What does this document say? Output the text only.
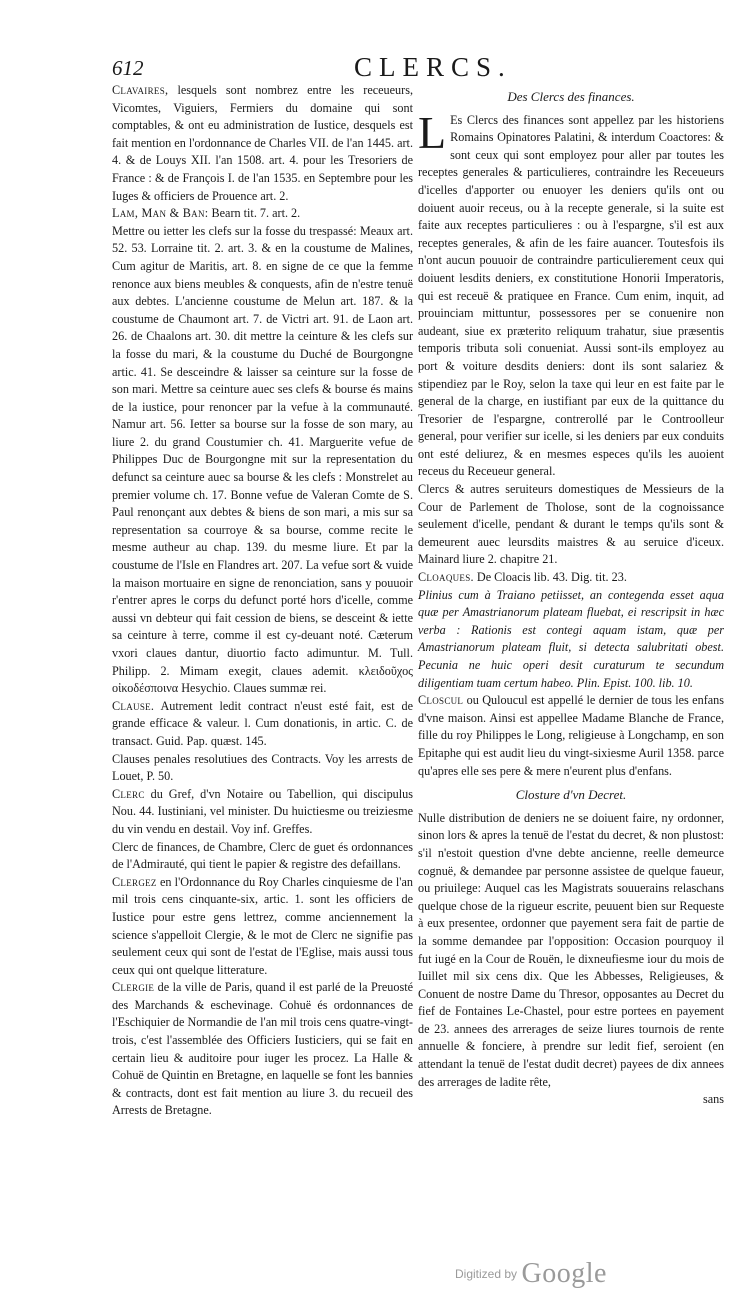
612	CLERCS.

Clavaires, lesquels sont nombrez entre les receueurs, Vicomtes, Viguiers, Fermiers du domaine qui sont comptables, & ont eu administration de Iustice, desquels est fait mention en l'ordonnance de Charles VII. de l'an 1445. art. 4. & de Louys XII. l'an 1508. art. 4. pour les Tresoriers de France : & de François I. de l'an 1535. en Septembre pour les Iuges & officiers de Prouence art. 2.

Lam, Man & Ban: Bearn tit. 7. art. 2.

Mettre ou ietter les clefs sur la fosse du trespassé: Meaux art. 52. 53. Lorraine tit. 2. art. 3. & en la coustume de Malines, Cum agitur de Maritis, art. 8. en signe de ce que la femme renonce aux biens meubles & conquests, afin de n'estre tenuë aux debtes. L'ancienne coustume de Melun art. 187. & la coustume de Chaumont art. 7. de Victri art. 91. de Laon art. 26. de Chaalons art. 30. dit mettre la ceinture & les clefs sur la fosse du mari, & la coustume du Duché de Bourgongne artic. 41. Se desceindre & laisser sa ceinture sur la fosse de son mari. Mettre sa ceinture auec ses clefs & bourse és mains de la iustice, pour renoncer par la vefue à la communauté. Namur art. 56. Ietter sa bourse sur la fosse de son mary, au liure 2. du grand Coustumier ch. 41. Marguerite vefue de Philippes Duc de Bourgongne mit sur la representation du defunct sa ceinture auec sa bourse & les clefs : Monstrelet au premier volume ch. 17. Bonne vefue de Valeran Comte de S. Paul renonçant aux debtes & biens de son mari, a mis sur sa representation sa courroye & sa bourse, comme recite le mesme autheur au chap. 139. du mesme liure. Et par la coustume de l'Isle en Flandres art. 207. La vefue sort & vuide la maison mortuaire en signe de renonciation, sans y pouuoir r'entrer apres le corps du defunct porté hors d'icelle, comme aussi vn debteur qui fait cession de biens, se desceint & iette sa ceinture à terre, comme il est cy-deuant noté. Cæterum vxori claues dantur, diuortio facto adimuntur. M. Tull. Philipp. 2. Mimam exegit, claues ademit. κλειδοῦχος οἰκοδέσποινα Hesychio. Claues summæ rei.

Clause. Autrement ledit contract n'eust esté fait, est de grande efficace & valeur. l. Cum donationis, in artic. C. de transact. Guid. Pap. quæst. 145.

Clauses penales resolutiues des Contracts. Voy les arrests de Louet, P. 50.

Clerc du Gref, d'vn Notaire ou Tabellion, qui discipulus Nou. 44. Iustiniani, vel minister. Du huictiesme ou treiziesme du vin vendu en destail. Voy inf. Greffes.

Clerc de finances, de Chambre, Clerc de guet és ordonnances de l'Admirauté, qui tient le papier & registre des defaillans.

Clergez en l'Ordonnance du Roy Charles cinquiesme de l'an mil trois cens cinquante-six, artic. 1. sont les officiers de Iustice pour estre gens lettrez, comme anciennement la science s'appelloit Clergie, & le mot de Clerc ne signifie pas seulement ceux qui sont de l'estat de l'Eglise, mais aussi tous ceux qui ont quelque litterature.

Clergie de la ville de Paris, quand il est parlé de la Preuosté des Marchands & eschevinage. Cohuë és ordonnances de l'Eschiquier de Normandie de l'an mil trois cens quatre-vingt-trois, c'est l'assemblée des Officiers Iusticiers, qui se fait en certain lieu & auditoire pour iuger les procez. La Halle & Cohuë de Quintin en Bretagne, en laquelle se font les bannies & contracts, dont est fait mention au liure 3. du recueil des Arrests de Bretagne.

Des Clercs des finances.

L Es Clercs des finances sont appellez par les historiens Romains Opinatores Palatini, & interdum Coactores: & sont ceux qui sont employez pour aller par toutes les receptes generales & particulieres, contraindre les Receueurs d'icelles d'apporter ou enuoyer les deniers qu'ils ont ou doiuent auoir receus, ou à la recepte generale, si la suite est faite aux receptes particulieres : ou à l'espargne, s'il est aux receptes generales, & afin de les faire auancer. Toutesfois ils n'ont aucun pouuoir de contraindre particulierement ceux qui doiuent lesdits deniers, ex constitutione Honorii Imperatoris, qui est receuë & pratiquee en France. Cum enim, inquit, ad prouinciam mittuntur, possessores per se conuenire non audeant, siue ex præterito reliquum trahatur, siue præsentis temporis tributa soli conueniat. Aussi sont-ils employez au port & voiture desdits deniers: dont ils sont salariez & stipendiez par le Roy, selon la taxe qui leur en est faite par le general de la charge, en iustifiant par eux de la quittance du Tresorier de l'espargne, contrerollé par le Controolleur general, pour verifier sur icelle, si les deniers par eux conduits ont esté deliurez, & en mesmes especes qu'ils les auoient receus du Receueur general.

Clercs & autres seruiteurs domestiques de Messieurs de la Cour de Parlement de Tholose, sont de la cognoissance seulement d'icelle, pendant & durant le temps qu'ils sont & demeurent auec leursdits maistres & au seruice d'iceux. Mainard liure 2. chapitre 21.

Cloaques. De Cloacis lib. 43. Dig. tit. 23.

Plinius cum à Traiano petiisset, an contegenda esset aqua quæ per Amastrianorum plateam fluebat, ei rescripsit in hæc verba : Rationis est contegi aquam istam, quæ per Amastrianorum plateam fluit, si detecta salubritati obest. Pecunia ne huic operi desit curaturum te secundum diligentiam tuam certum habeo. Plin. Epist. 100. lib. 10.

Closcul ou Quloucul est appellé le dernier de tous les enfans d'vne maison. Ainsi est appellee Madame Blanche de France, fille du roy Philippes le Long, religieuse à Longchamp, en son Epitaphe qui est audit lieu du vingt-sixiesme Auril 1358. parce qu'apres elle ses pere & mere n'eurent plus d'enfans.

Closture d'vn Decret.

Nulle distribution de deniers ne se doiuent faire, ny ordonner, sinon lors & apres la tenuë de l'estat du decret, & non plustost: s'il n'estoit question d'vne debte ancienne, reelle demeurce cognuë, & demandee par personne assistee de quelque faueur, ou priuilege: Auquel cas les Magistrats souuerains relaschans quelque chose de la rigueur escrite, peuuent bien sur Requeste à eux presentee, ordonner que payement sera fait de partie de la somme demandee par l'opposition: Occasion pourquoy il fut iugé en la Cour de Rouën, le dixneufiesme iour du mois de Iuillet mil six cens dix. Que les Abbesses, Religieuses, & Conuent de nostre Dame du Thresor, opposantes au Decret du fief de Fontaines Le-Chastel, pour estre portees en payement de 23. annees des arrerages de seize liures tournois de rente annuelle & fonciere, à prendre sur ledit fief, seroient (en attendant la tenuë de l'estat dudit decret) payees de dix annees des arrerages de ladite rête,

sans

Digitized by Google
